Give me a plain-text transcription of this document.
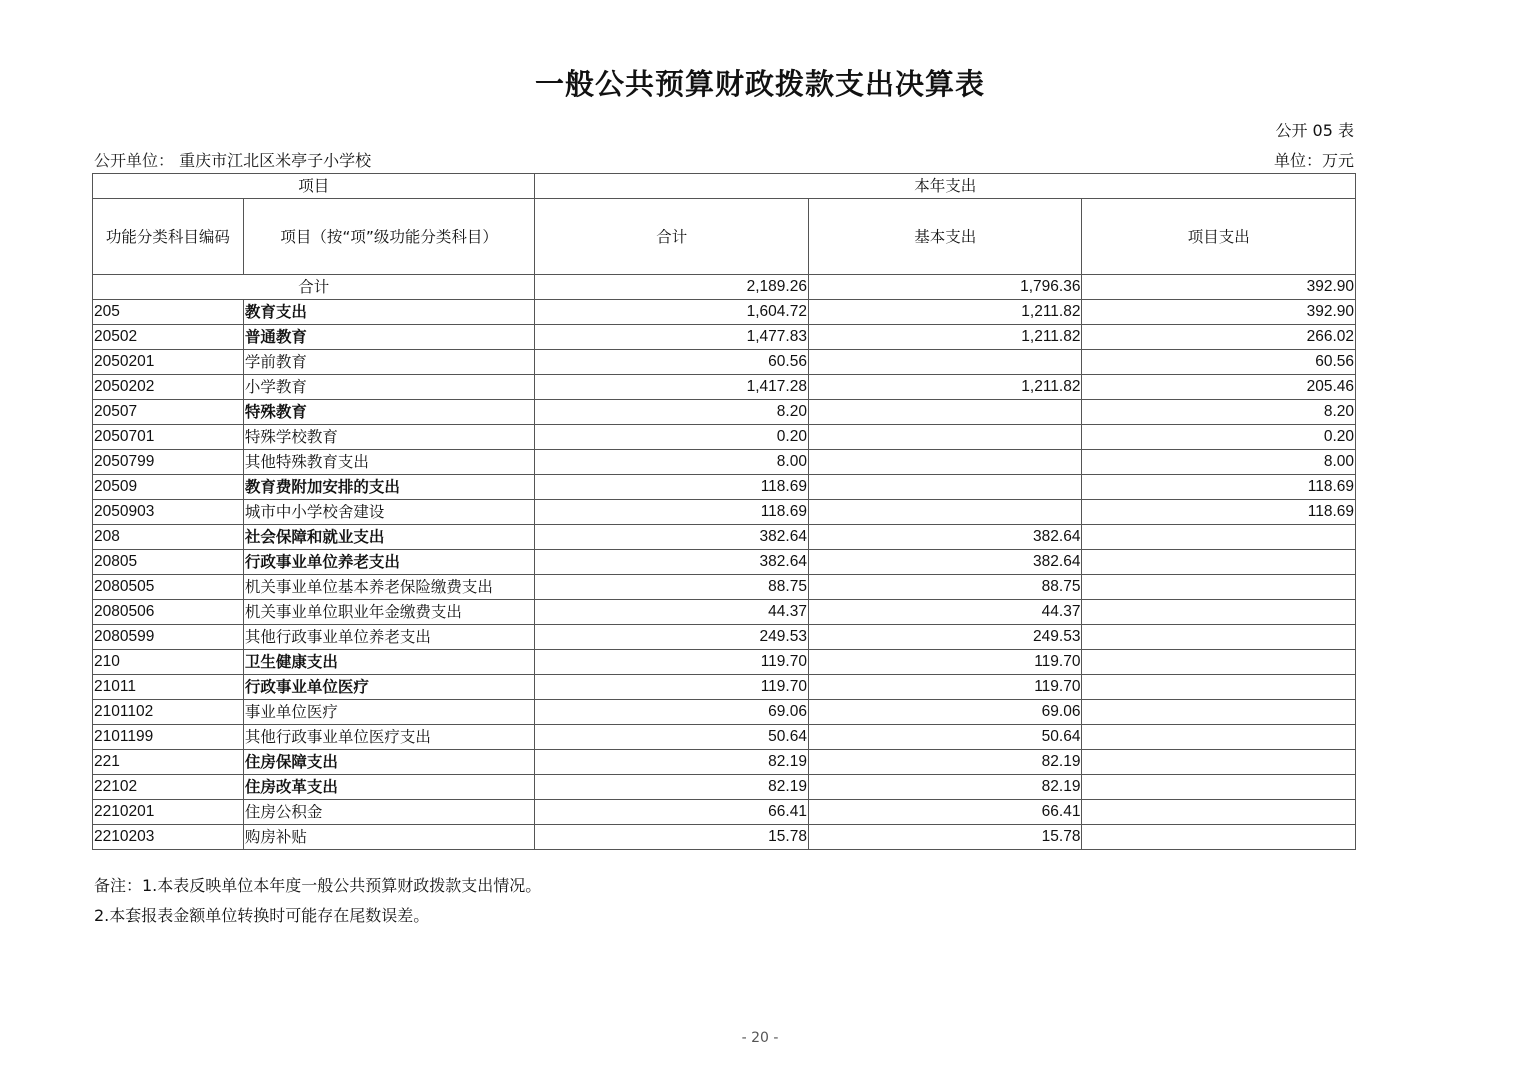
一般公共预算财政拨款支出决算表
公开 05 表
公开单位： 重庆市江北区米亭子小学校	单位：万元
项目		本年支出		
功能分类科目编码	项目（按“项”级功能分类科目）	合计	基本支出	项目支出
合计		2,189.26	1,796.36	392.90
205	教育支出	1,604.72	1,211.82	392.90
20502	普通教育	1,477.83	1,211.82	266.02
2050201	学前教育	60.56		60.56
2050202	小学教育	1,417.28	1,211.82	205.46
20507	特殊教育	8.20		8.20
2050701	特殊学校教育	0.20		0.20
2050799	其他特殊教育支出	8.00		8.00
20509	教育费附加安排的支出	118.69		118.69
2050903	城市中小学校舍建设	118.69		118.69
208	社会保障和就业支出	382.64	382.64	
20805	行政事业单位养老支出	382.64	382.64	
2080505	机关事业单位基本养老保险缴费支出	88.75	88.75	
2080506	机关事业单位职业年金缴费支出	44.37	44.37	
2080599	其他行政事业单位养老支出	249.53	249.53	
210	卫生健康支出	119.70	119.70	
21011	行政事业单位医疗	119.70	119.70	
2101102	事业单位医疗	69.06	69.06	
2101199	其他行政事业单位医疗支出	50.64	50.64	
221	住房保障支出	82.19	82.19	
22102	住房改革支出	82.19	82.19	
2210201	住房公积金	66.41	66.41	
2210203	购房补贴	15.78	15.78	
备注：1.本表反映单位本年度一般公共预算财政拨款支出情况。
2.本套报表金额单位转换时可能存在尾数误差。
- 20 -
